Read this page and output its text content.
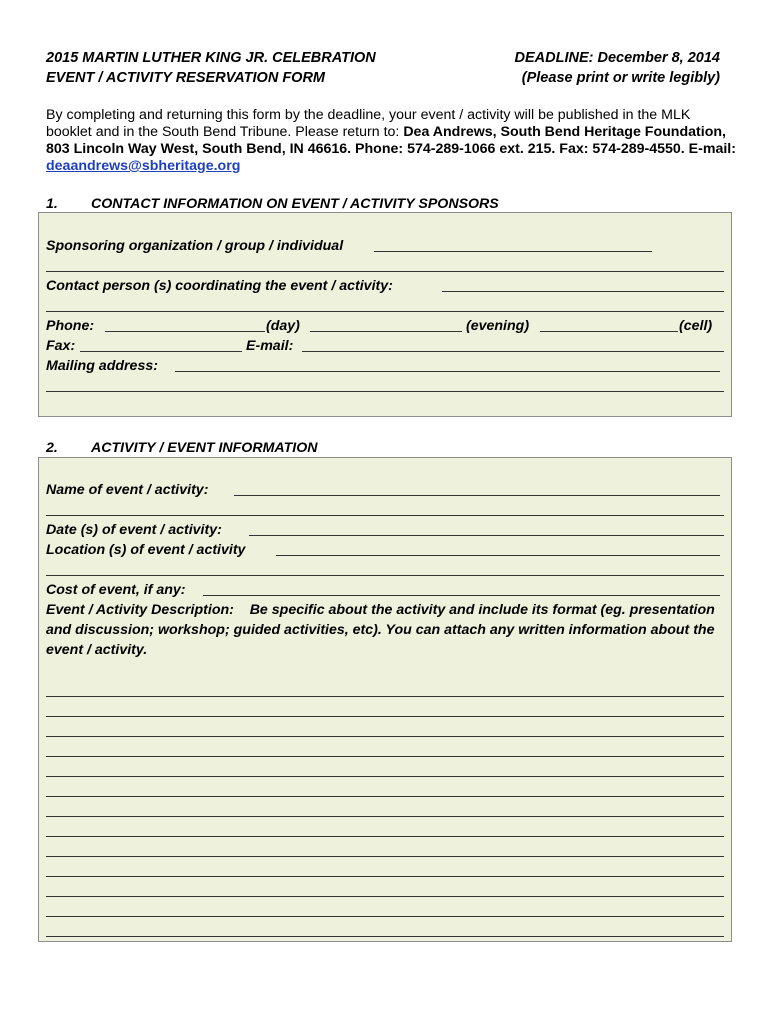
2015 MARTIN LUTHER KING JR. CELEBRATION
EVENT / ACTIVITY RESERVATION FORM
DEADLINE: December 8, 2014
(Please print or write legibly)
By completing and returning this form by the deadline, your event / activity will be published in the MLK booklet and in the South Bend Tribune. Please return to: Dea Andrews, South Bend Heritage Foundation, 803 Lincoln Way West, South Bend, IN 46616. Phone: 574-289-1066 ext. 215. Fax: 574-289-4550. E-mail: deaandrews@sbheritage.org
1. CONTACT INFORMATION ON EVENT / ACTIVITY SPONSORS
Sponsoring organization / group / individual
Contact person (s) coordinating the event / activity:
Phone:	(day)	(evening)	(cell)
Fax:	E-mail:
Mailing address:
2. ACTIVITY / EVENT INFORMATION
Name of event / activity:
Date (s) of event / activity:
Location (s) of event / activity
Cost of event, if any:
Event / Activity Description: Be specific about the activity and include its format (eg. presentation and discussion; workshop; guided activities, etc). You can attach any written information about the event / activity.
